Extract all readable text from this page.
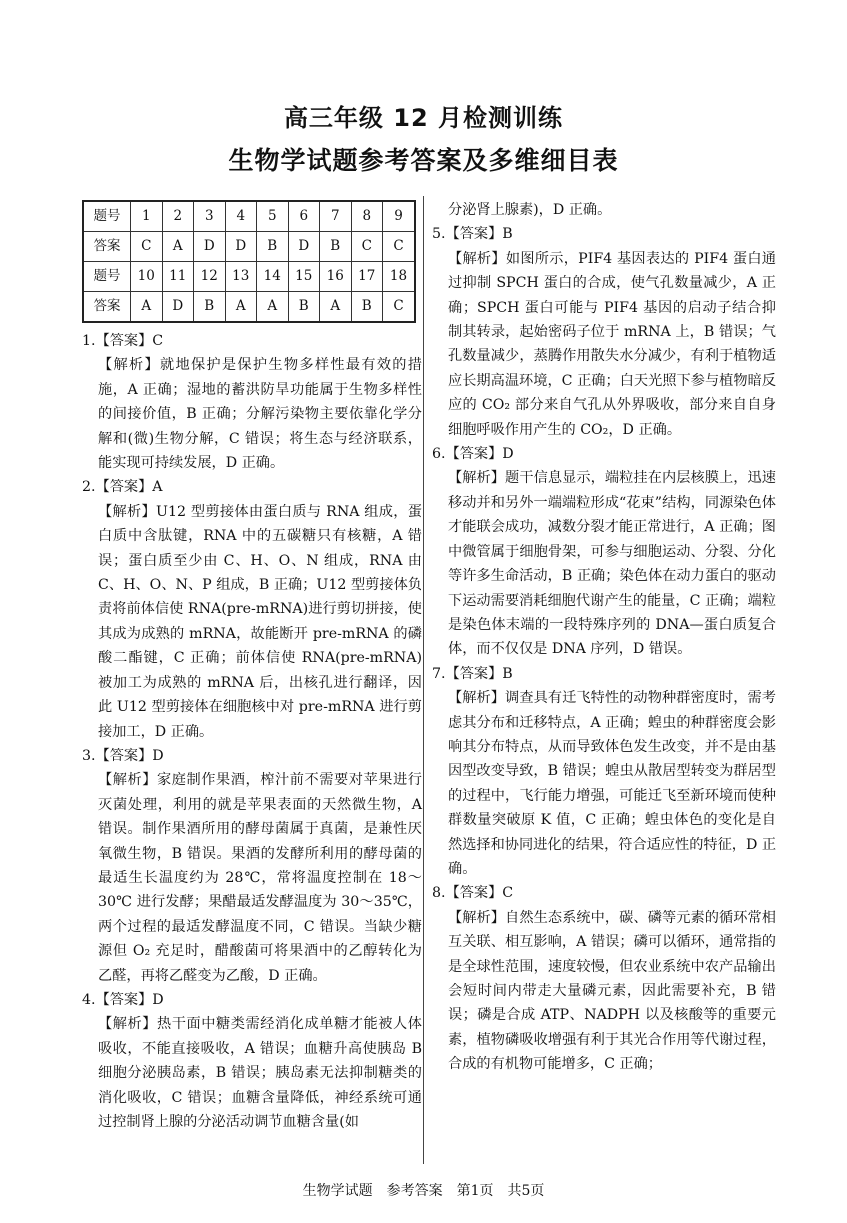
高三年级 12 月检测训练
生物学试题参考答案及多维细目表
题号	1	2	3	4	5	6	7	8	9
答案	C	A	D	D	B	D	B	C	C
题号	10	11	12	13	14	15	16	17	18
答案	A	D	B	A	A	B	A	B	C

1.【答案】C

【解析】就地保护是保护生物多样性最有效的措施，A 正确；湿地的蓄洪防旱功能属于生物多样性的间接价值，B 正确；分解污染物主要依靠化学分解和(微)生物分解，C 错误；将生态与经济联系，能实现可持续发展，D 正确。

2.【答案】A

【解析】U12 型剪接体由蛋白质与 RNA 组成，蛋白质中含肽键，RNA 中的五碳糖只有核糖，A 错误；蛋白质至少由 C、H、O、N 组成，RNA 由 C、H、O、N、P 组成，B 正确；U12 型剪接体负责将前体信使 RNA(pre-mRNA)进行剪切拼接，使其成为成熟的 mRNA，故能断开 pre-mRNA 的磷酸二酯键，C 正确；前体信使 RNA(pre-mRNA)被加工为成熟的 mRNA 后，出核孔进行翻译，因此 U12 型剪接体在细胞核中对 pre-mRNA 进行剪接加工，D 正确。

3.【答案】D

【解析】家庭制作果酒，榨汁前不需要对苹果进行灭菌处理，利用的就是苹果表面的天然微生物，A 错误。制作果酒所用的酵母菌属于真菌，是兼性厌氧微生物，B 错误。果酒的发酵所利用的酵母菌的最适生长温度约为 28℃，常将温度控制在 18～30℃ 进行发酵；果醋最适发酵温度为 30～35℃，两个过程的最适发酵温度不同，C 错误。当缺少糖源但 O₂ 充足时，醋酸菌可将果酒中的乙醇转化为乙醛，再将乙醛变为乙酸，D 正确。

4.【答案】D

【解析】热干面中糖类需经消化成单糖才能被人体吸收，不能直接吸收，A 错误；血糖升高使胰岛 B 细胞分泌胰岛素，B 错误；胰岛素无法抑制糖类的消化吸收，C 错误；血糖含量降低，神经系统可通过控制肾上腺的分泌活动调节血糖含量(如

分泌肾上腺素)，D 正确。

5.【答案】B

【解析】如图所示，PIF4 基因表达的 PIF4 蛋白通过抑制 SPCH 蛋白的合成，使气孔数量减少，A 正确；SPCH 蛋白可能与 PIF4 基因的启动子结合抑制其转录，起始密码子位于 mRNA 上，B 错误；气孔数量减少，蒸腾作用散失水分减少，有利于植物适应长期高温环境，C 正确；白天光照下参与植物暗反应的 CO₂ 部分来自气孔从外界吸收，部分来自自身细胞呼吸作用产生的 CO₂，D 正确。

6.【答案】D

【解析】题干信息显示，端粒挂在内层核膜上，迅速移动并和另外一端端粒形成“花束”结构，同源染色体才能联会成功，减数分裂才能正常进行，A 正确；图中微管属于细胞骨架，可参与细胞运动、分裂、分化等许多生命活动，B 正确；染色体在动力蛋白的驱动下运动需要消耗细胞代谢产生的能量，C 正确；端粒是染色体末端的一段特殊序列的 DNA—蛋白质复合体，而不仅仅是 DNA 序列，D 错误。

7.【答案】B

【解析】调查具有迁飞特性的动物种群密度时，需考虑其分布和迁移特点，A 正确；蝗虫的种群密度会影响其分布特点，从而导致体色发生改变，并不是由基因型改变导致，B 错误；蝗虫从散居型转变为群居型的过程中，飞行能力增强，可能迁飞至新环境而使种群数量突破原 K 值，C 正确；蝗虫体色的变化是自然选择和协同进化的结果，符合适应性的特征，D 正确。

8.【答案】C

【解析】自然生态系统中，碳、磷等元素的循环常相互关联、相互影响，A 错误；磷可以循环，通常指的是全球性范围，速度较慢，但农业系统中农产品输出会短时间内带走大量磷元素，因此需要补充，B 错误；磷是合成 ATP、NADPH 以及核酸等的重要元素，植物磷吸收增强有利于其光合作用等代谢过程，合成的有机物可能增多，C 正确；

生物学试题　参考答案　第1页　共5页
